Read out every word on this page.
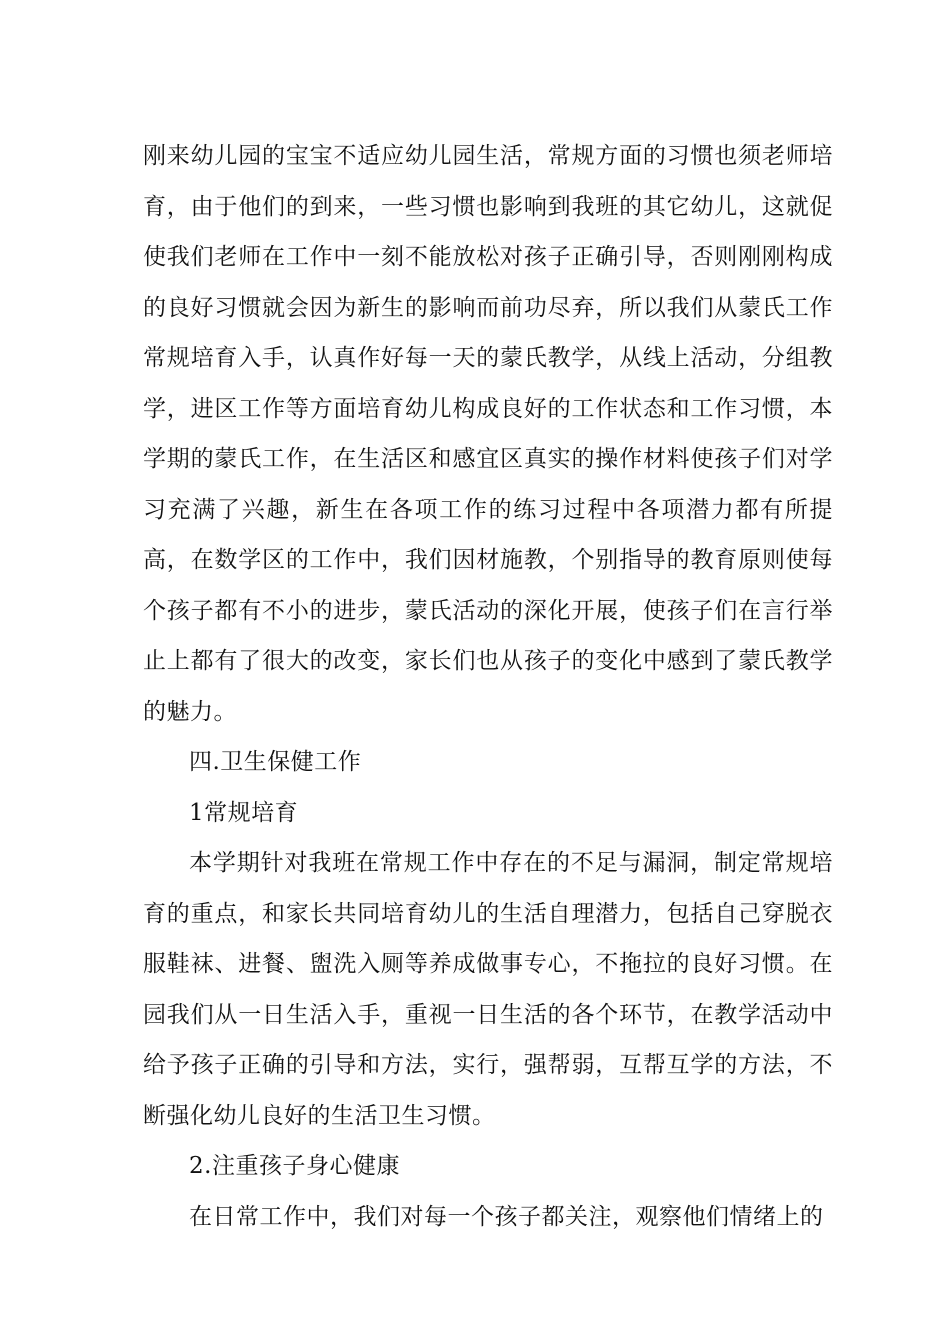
刚来幼儿园的宝宝不适应幼儿园生活，常规方面的习惯也须老师培育，由于他们的到来，一些习惯也影响到我班的其它幼儿，这就促使我们老师在工作中一刻不能放松对孩子正确引导，否则刚刚构成的良好习惯就会因为新生的影响而前功尽弃，所以我们从蒙氏工作常规培育入手，认真作好每一天的蒙氏教学，从线上活动，分组教学，进区工作等方面培育幼儿构成良好的工作状态和工作习惯，本学期的蒙氏工作，在生活区和感宜区真实的操作材料使孩子们对学习充满了兴趣，新生在各项工作的练习过程中各项潜力都有所提高，在数学区的工作中，我们因材施教，个别指导的教育原则使每个孩子都有不小的进步，蒙氏活动的深化开展，使孩子们在言行举止上都有了很大的改变，家长们也从孩子的变化中感到了蒙氏教学的魅力。

四.卫生保健工作

1常规培育

本学期针对我班在常规工作中存在的不足与漏洞，制定常规培育的重点，和家长共同培育幼儿的生活自理潜力，包括自己穿脱衣服鞋袜、进餐、盥洗入厕等养成做事专心，不拖拉的良好习惯。在园我们从一日生活入手，重视一日生活的各个环节，在教学活动中给予孩子正确的引导和方法，实行，强帮弱，互帮互学的方法，不断强化幼儿良好的生活卫生习惯。

2.注重孩子身心健康

在日常工作中，我们对每一个孩子都关注，观察他们情绪上的
